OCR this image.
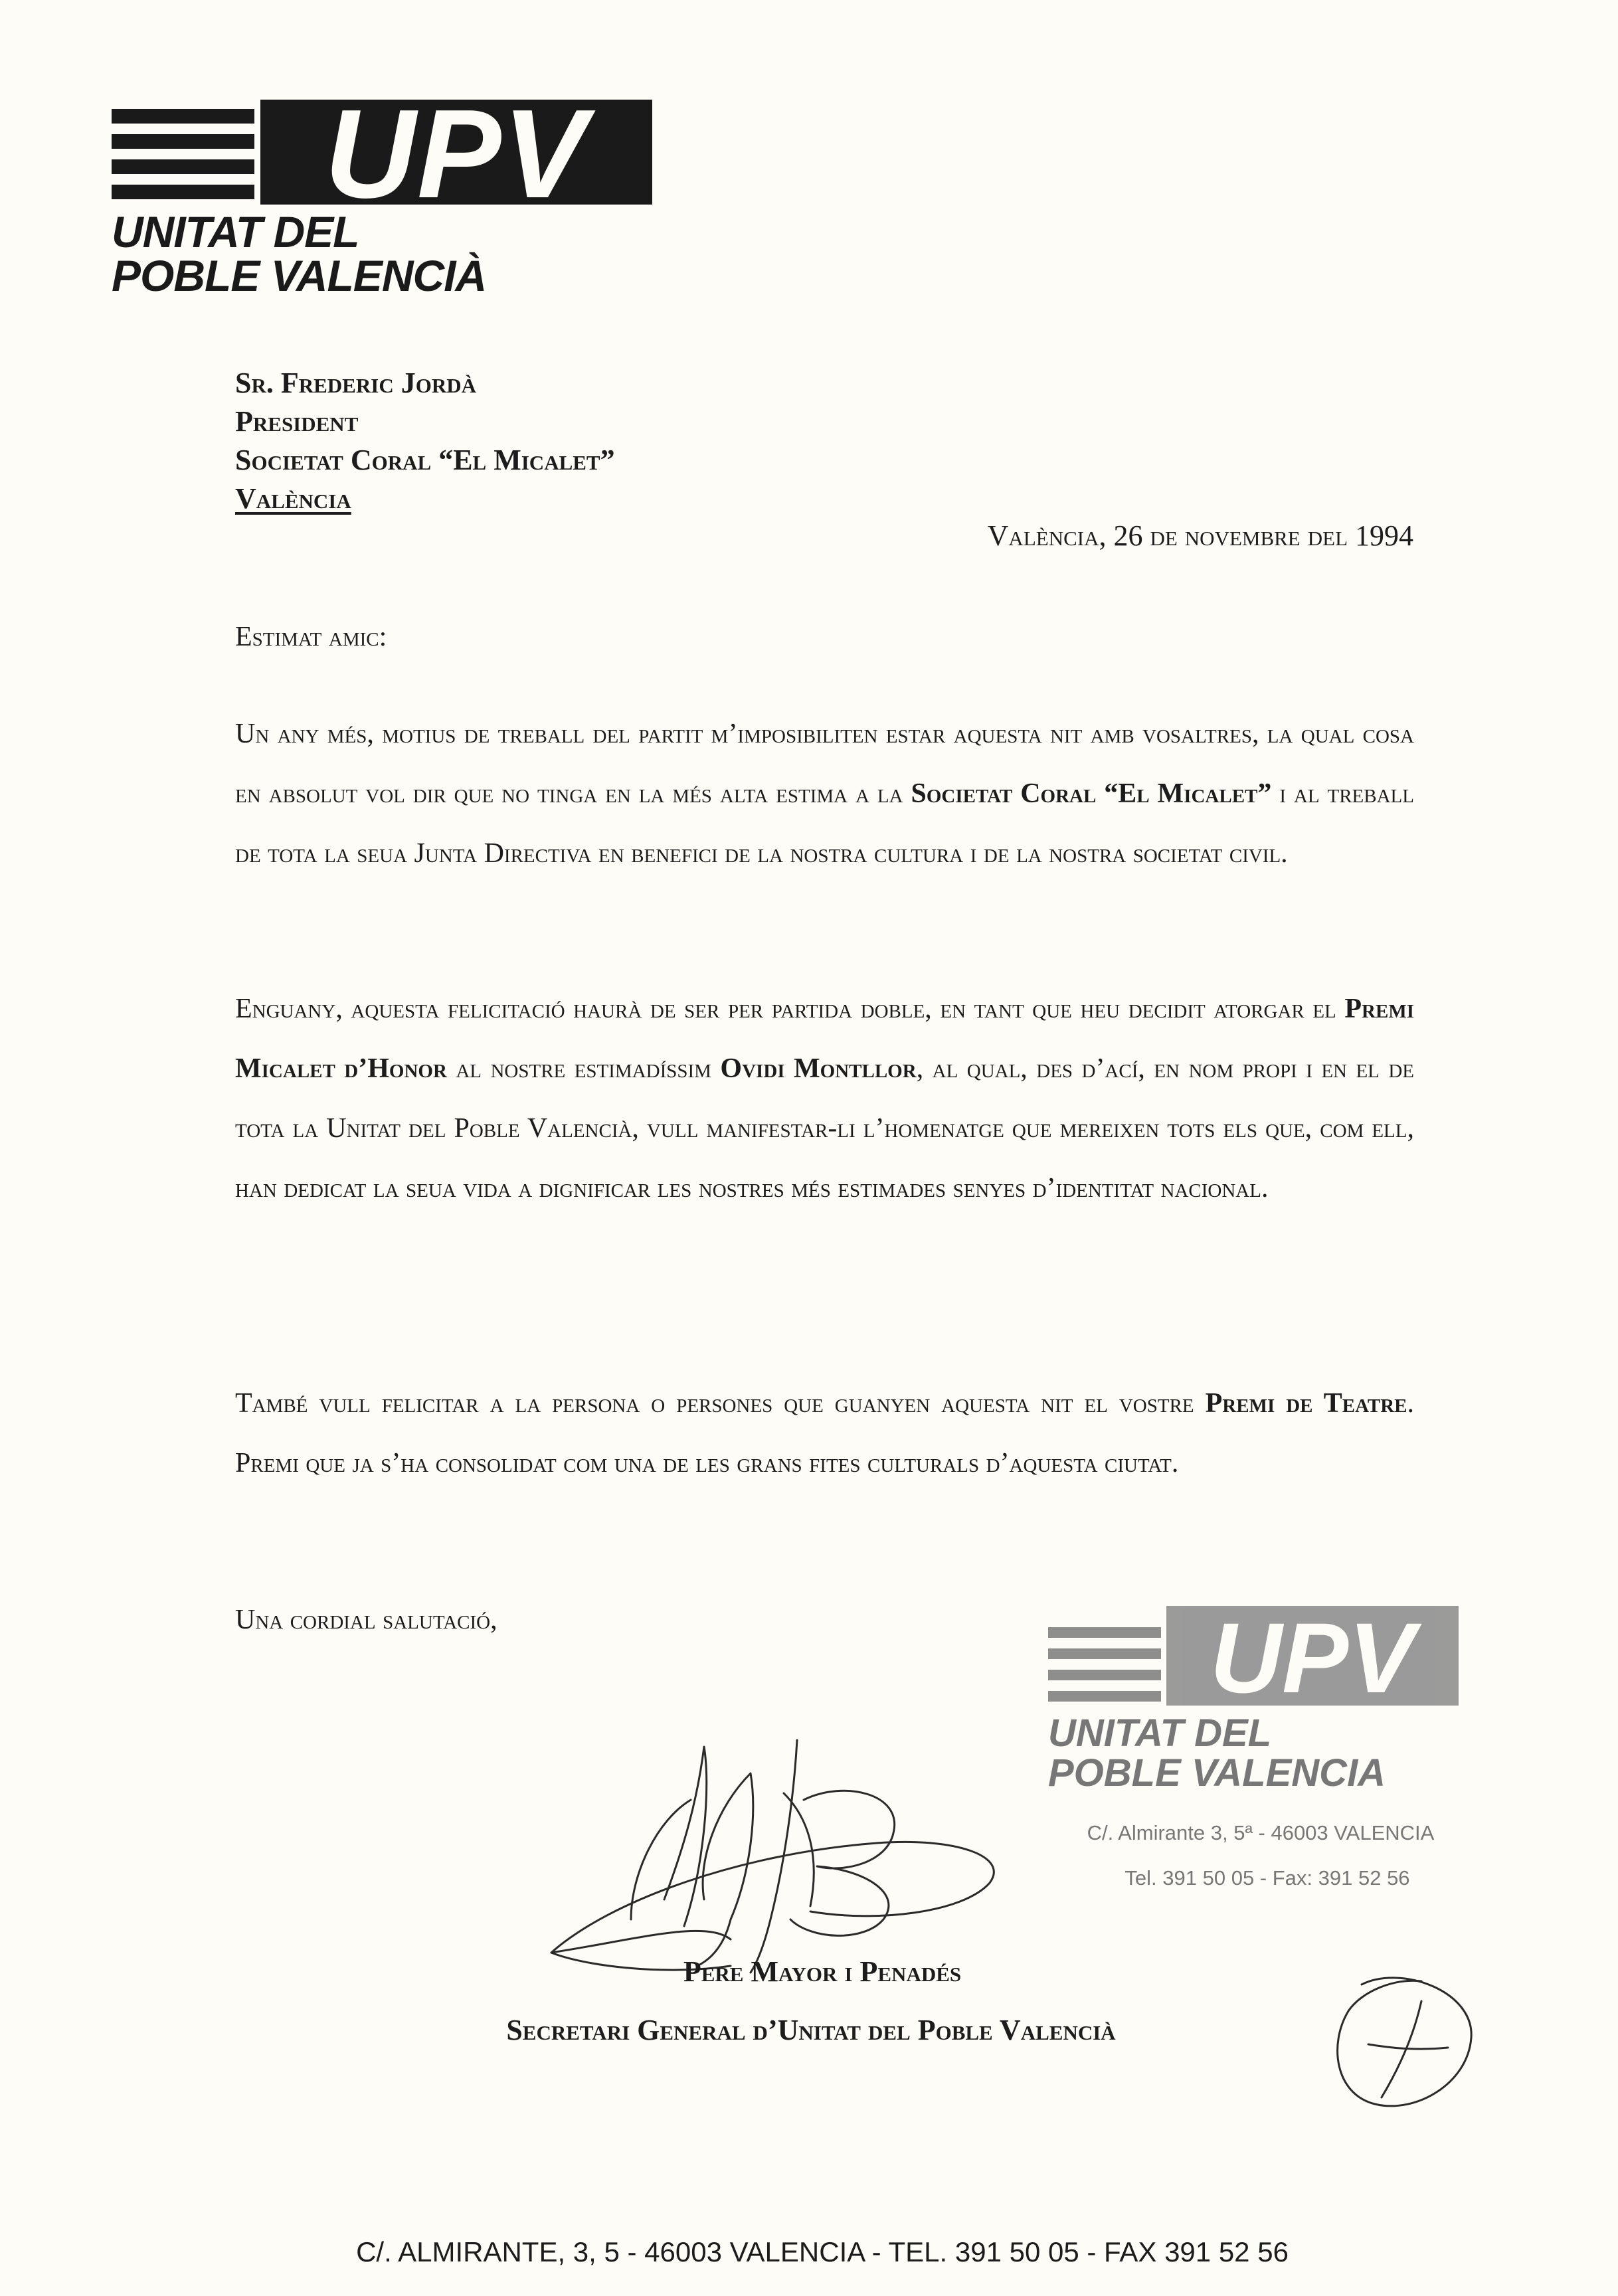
UPV
UNITAT DEL
POBLE VALENCIÀ
Sr. Frederic Jordà
President
Societat Coral “El Micalet”
València
València, 26 de novembre del 1994
Estimat amic:
Un any més, motius de treball del partit m’imposibiliten estar aquesta nit amb vosaltres, la qual cosa en absolut vol dir que no tinga en la més alta estima a la Societat Coral “El Micalet” i al treball de tota la seua Junta Directiva en benefici de la nostra cultura i de la nostra societat civil.
Enguany, aquesta felicitació haurà de ser per partida doble, en tant que heu decidit atorgar el Premi Micalet d’Honor al nostre estimadíssim Ovidi Montllor, al qual, des d’ací, en nom propi i en el de tota la Unitat del Poble Valencià, vull manifestar-li l’homenatge que mereixen tots els que, com ell, han dedicat la seua vida a dignificar les nostres més estimades senyes d’identitat nacional.
També vull felicitar a la persona o persones que guanyen aquesta nit el vostre Premi de Teatre. Premi que ja s’ha consolidat com una de les grans fites culturals d’aquesta ciutat.
Una cordial salutació,	UPV
UNITAT DEL
POBLE VALENCIA
C/. Almirante 3, 5ª - 46003 VALENCIA
Tel. 391 50 05 - Fax: 391 52 56
Pere Mayor i Penadés
Secretari General d’Unitat del Poble Valencià
C/. ALMIRANTE, 3, 5 - 46003 VALENCIA - TEL. 391 50 05 - FAX 391 52 56
